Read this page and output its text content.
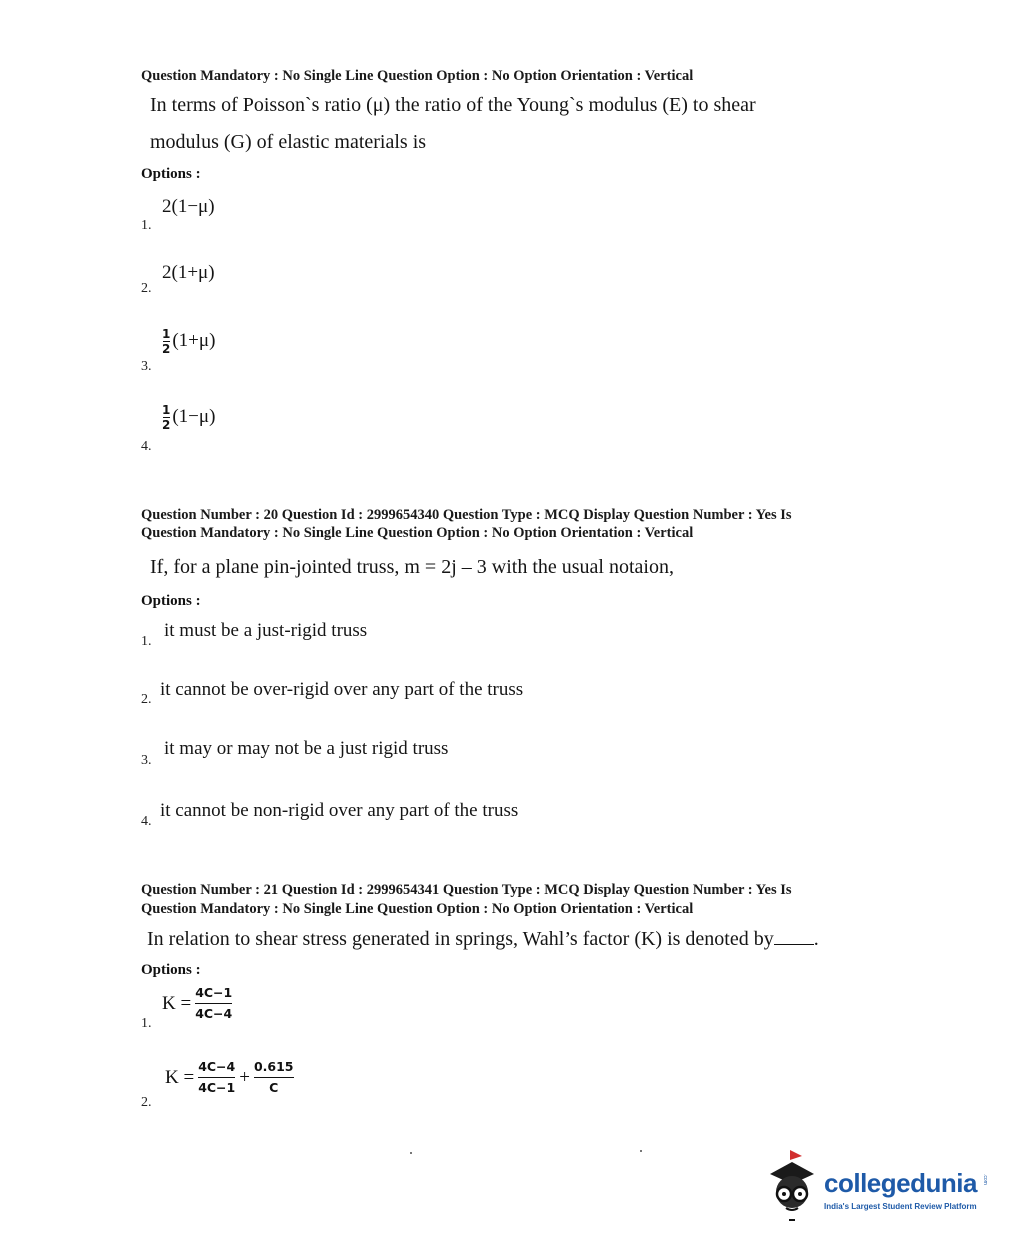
Question Mandatory : No Single Line Question Option : No Option Orientation : Vertical
In terms of Poisson`s ratio (μ) the ratio of the Young`s modulus (E) to shear
modulus (G) of elastic materials is
Options :
1.
2(1−μ)
2.
2(1+μ)
3.
$\frac{1}{2} (1+\mu)$
4.
$\frac{1}{2} (1-\mu)$
Question Number : 20 Question Id : 2999654340 Question Type : MCQ Display Question Number : Yes Is
Question Mandatory : No Single Line Question Option : No Option Orientation : Vertical
If, for a plane pin-jointed truss, m = 2j – 3 with the usual notaion,
Options :
1.
it must be a just-rigid truss
2. it cannot be over-rigid over any part of the truss
3.
it may or may not be a just rigid truss
4.
it cannot be non-rigid over any part of the truss
Question Number : 21 Question Id : 2999654341 Question Type : MCQ Display Question Number : Yes Is
Question Mandatory : No Single Line Question Option : No Option Orientation : Vertical
In relation to shear stress generated in springs, Wahl’s factor (K) is denoted by .
Options :
1.
$K = \frac{4C-1}{4C-4}$
2.
$K = \frac{4C-4}{4C-1} + \frac{0.615}{C}$
collegedunia .com
India's Largest Student Review Platform
